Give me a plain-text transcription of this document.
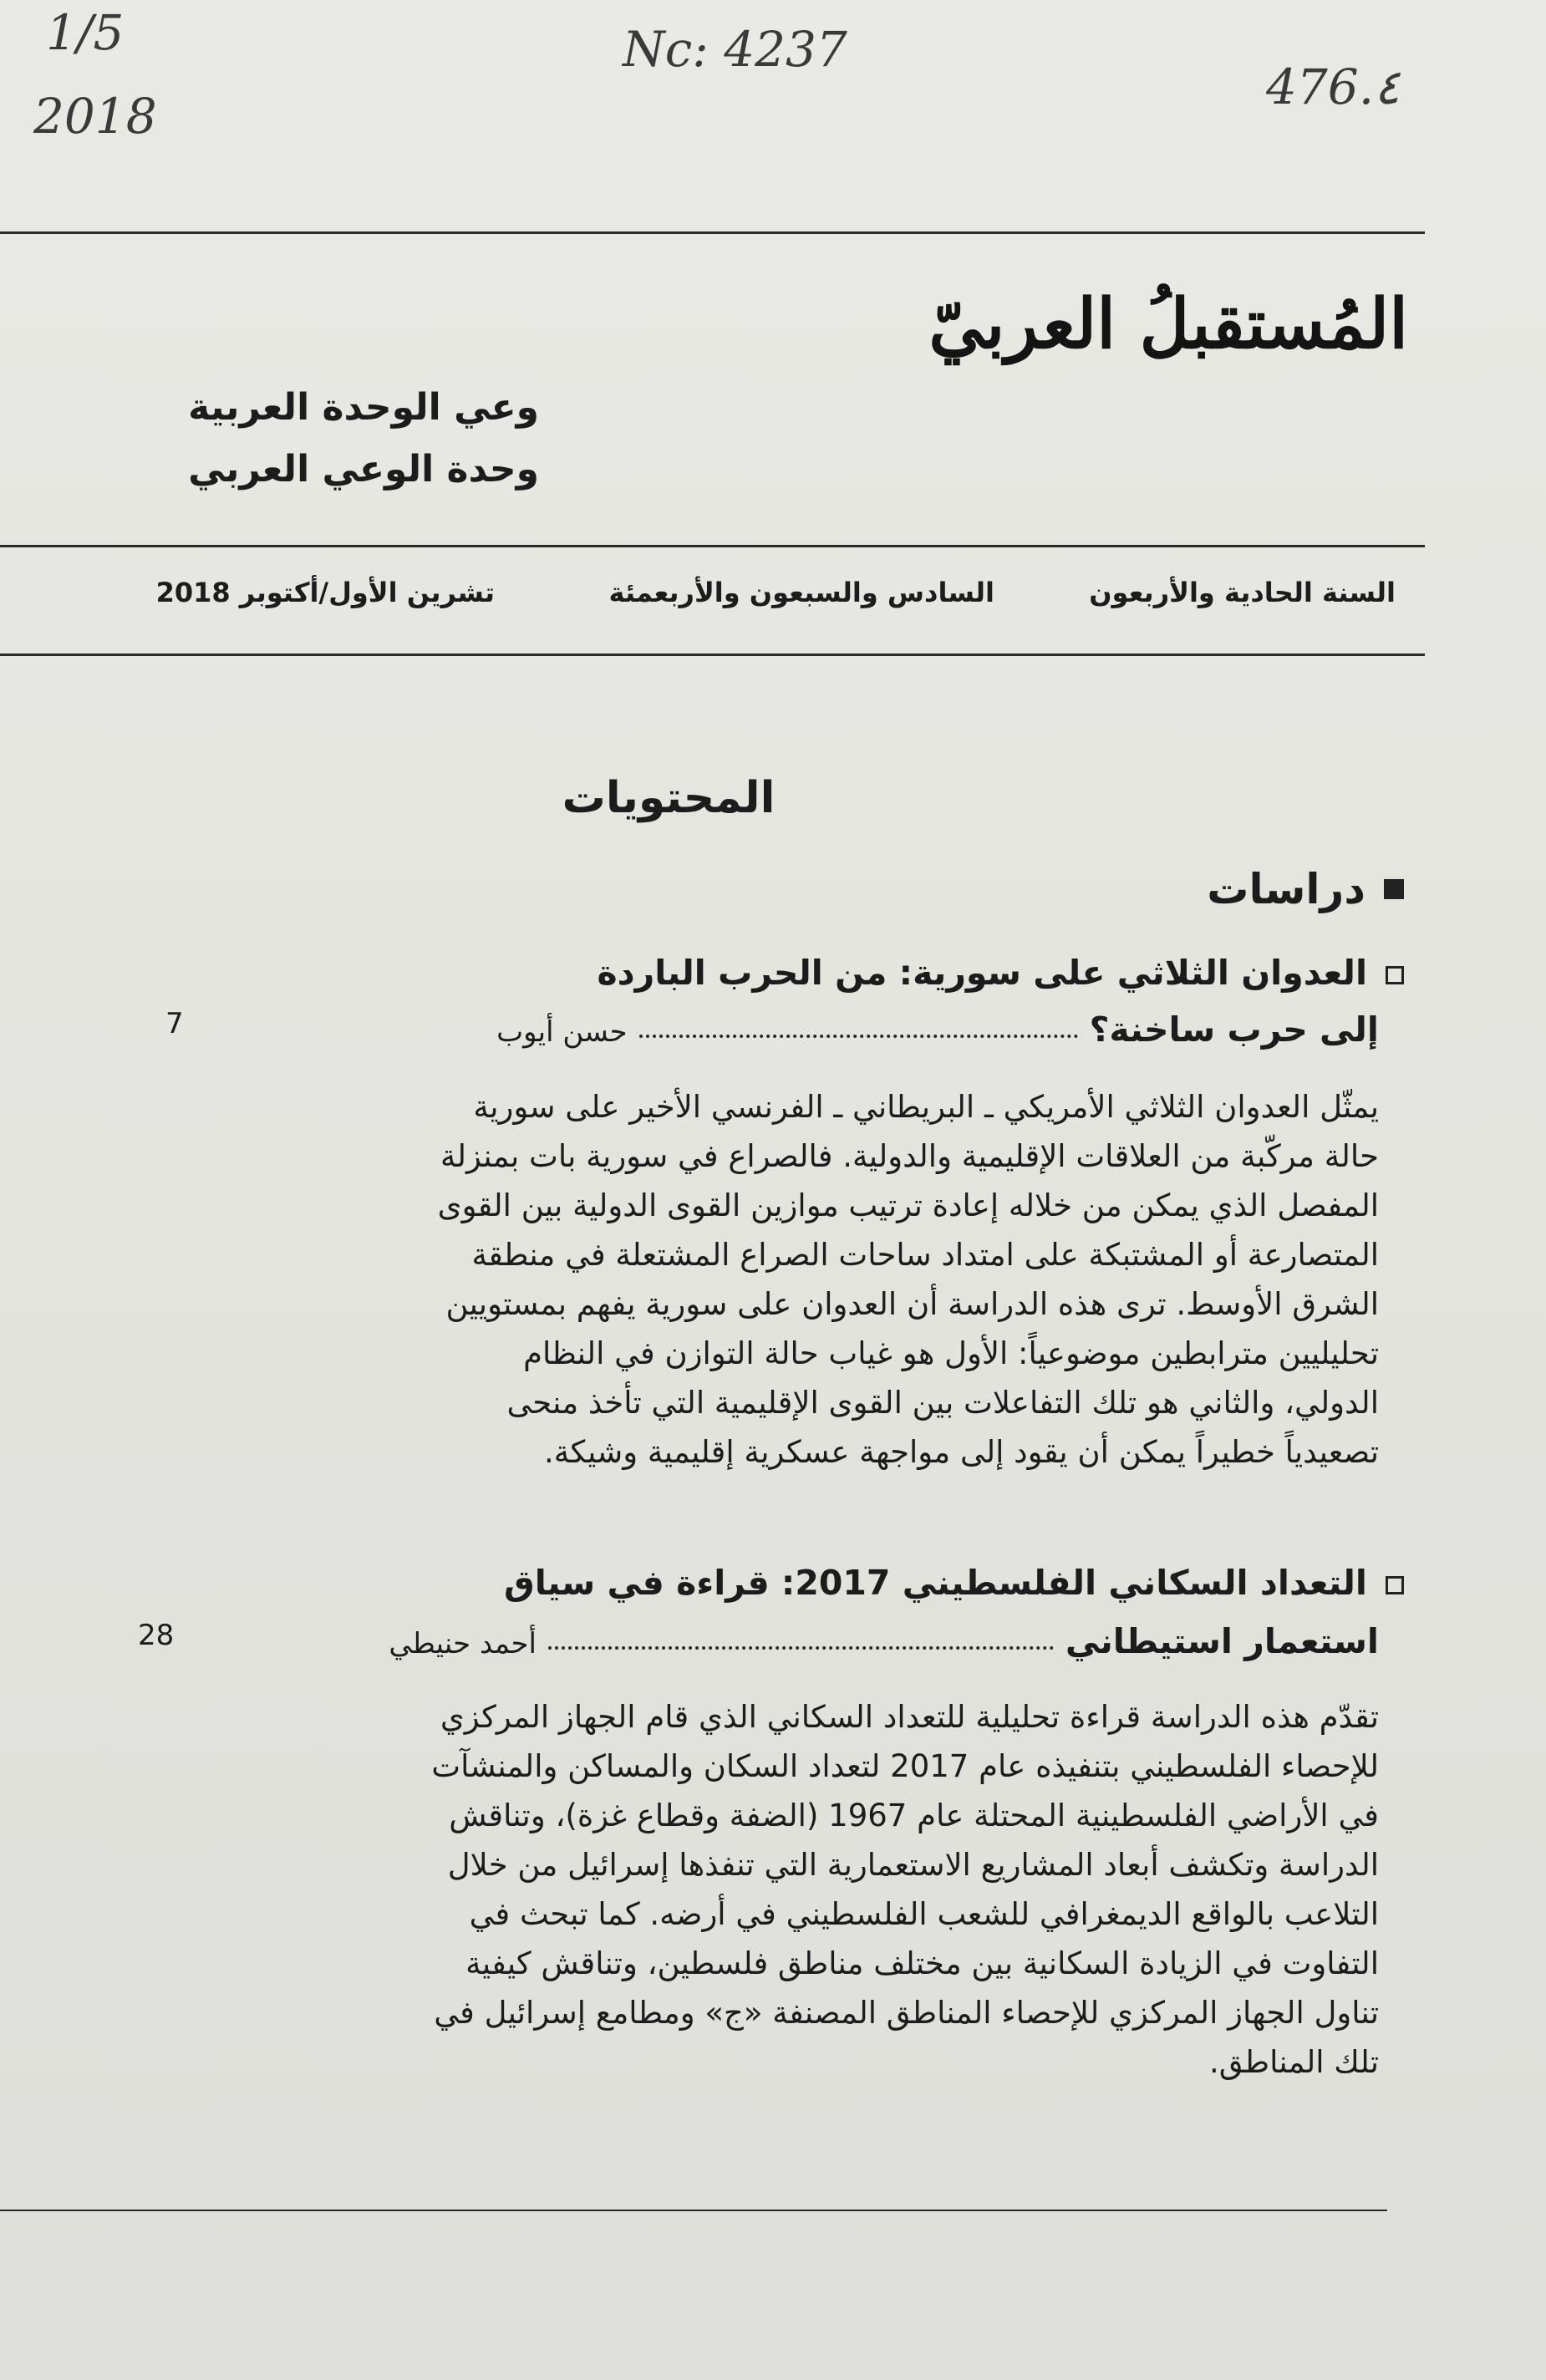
1/5
2018
Nc: 4237
476.٤
المُستقبلُ العربيّ
وعي الوحدة العربية
وحدة الوعي العربي
السنة الحادية والأربعون
السادس والسبعون والأربعمئة
تشرين الأول/أكتوبر 2018
المحتويات
دراسات
العدوان الثلاثي على سورية: من الحرب الباردة
إلى حرب ساخنة؟
حسن أيوب
7
يمثّل العدوان الثلاثي الأمريكي ـ البريطاني ـ الفرنسي الأخير على سورية
حالة مركّبة من العلاقات الإقليمية والدولية. فالصراع في سورية بات بمنزلة
المفصل الذي يمكن من خلاله إعادة ترتيب موازين القوى الدولية بين القوى
المتصارعة أو المشتبكة على امتداد ساحات الصراع المشتعلة في منطقة
الشرق الأوسط. ترى هذه الدراسة أن العدوان على سورية يفهم بمستويين
تحليليين مترابطين موضوعياً: الأول هو غياب حالة التوازن في النظام
الدولي، والثاني هو تلك التفاعلات بين القوى الإقليمية التي تأخذ منحى
تصعيدياً خطيراً يمكن أن يقود إلى مواجهة عسكرية إقليمية وشيكة.
التعداد السكاني الفلسطيني 2017: قراءة في سياق
استعمار استيطاني
أحمد حنيطي
28
تقدّم هذه الدراسة قراءة تحليلية للتعداد السكاني الذي قام الجهاز المركزي
للإحصاء الفلسطيني بتنفيذه عام 2017 لتعداد السكان والمساكن والمنشآت
في الأراضي الفلسطينية المحتلة عام 1967 (الضفة وقطاع غزة)، وتناقش
الدراسة وتكشف أبعاد المشاريع الاستعمارية التي تنفذها إسرائيل من خلال
التلاعب بالواقع الديمغرافي للشعب الفلسطيني في أرضه. كما تبحث في
التفاوت في الزيادة السكانية بين مختلف مناطق فلسطين، وتناقش كيفية
تناول الجهاز المركزي للإحصاء المناطق المصنفة «ج» ومطامع إسرائيل في
تلك المناطق.
